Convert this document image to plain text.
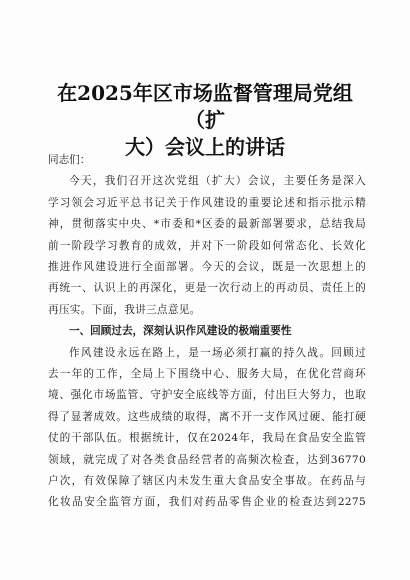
在2025年区市场监督管理局党组（扩
大）会议上的讲话
同志们：
今天，我们召开这次党组（扩大）会议，主要任务是深入
学习领会习近平总书记关于作风建设的重要论述和指示批示精
神，贯彻落实中央、*市委和*区委的最新部署要求，总结我局
前一阶段学习教育的成效，并对下一阶段如何常态化、长效化
推进作风建设进行全面部署。今天的会议，既是一次思想上的
再统一、认识上的再深化，更是一次行动上的再动员、责任上的
再压实。下面，我讲三点意见。
一、回顾过去，深刻认识作风建设的极端重要性
作风建设永远在路上，是一场必须打赢的持久战。回顾过
去一年的工作，全局上下围绕中心、服务大局，在优化营商环
境、强化市场监管、守护安全底线等方面，付出巨大努力，也取
得了显著成效。这些成绩的取得，离不开一支作风过硬、能打硬
仗的干部队伍。根据统计，仅在2024年，我局在食品安全监管
领域，就完成了对各类食品经营者的高频次检查，达到36770
户次，有效保障了辖区内未发生重大食品安全事故。在药品与
化妆品安全监管方面，我们对药品零售企业的检查达到2275
